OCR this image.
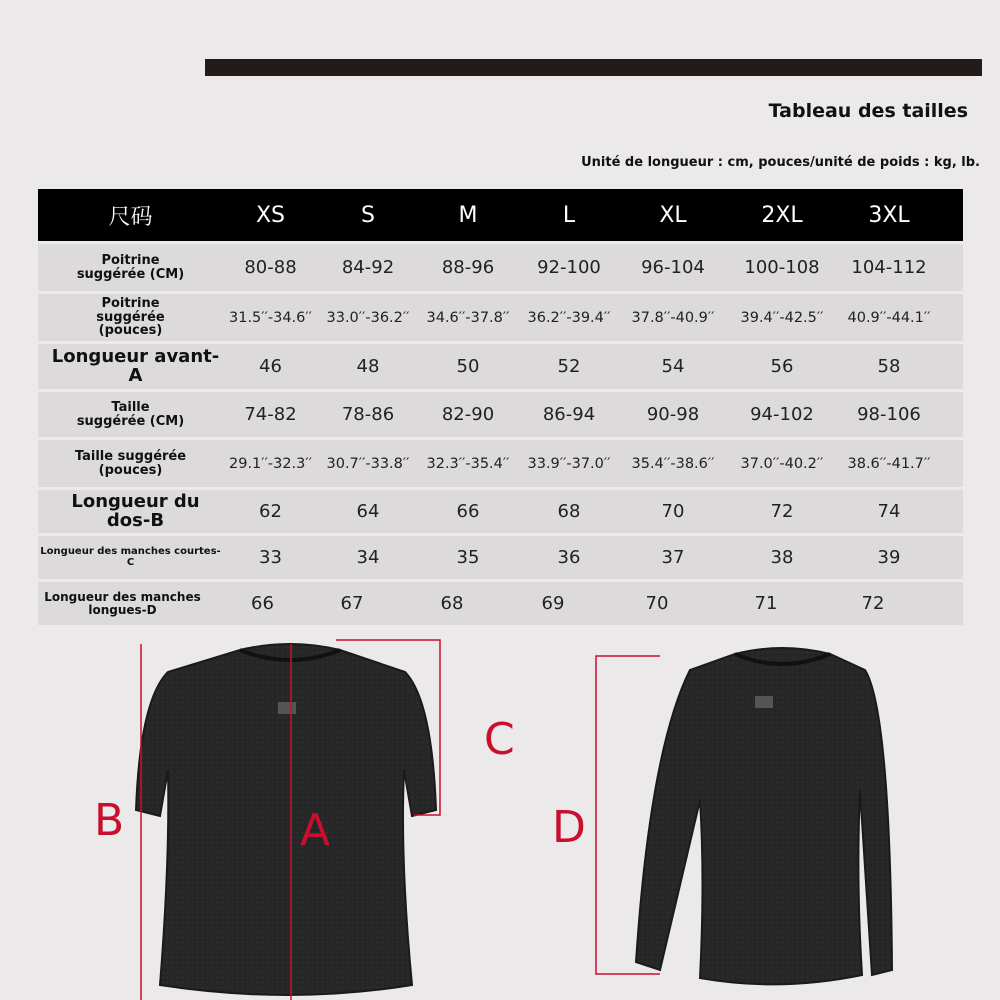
Tableau des tailles
Unité de longueur : cm, pouces/unité de poids : kg, lb.
尺码	XS	S	M	L	XL	2XL	3XL
Poitrine
suggérée (CM)	80-88	84-92	88-96	92-100	96-104	100-108	104-112
Poitrine
suggérée
(pouces)
31.5′′-34.6′′	33.0′′-36.2′′	34.6′′-37.8′′	36.2′′-39.4′′	37.8′′-40.9′′	39.4′′-42.5′′	40.9′′-44.1′′
Longueur avant-A	46	48	50	52	54	56	58
Taille
suggérée (CM)	74-82	78-86	82-90	86-94	90-98	94-102	98-106
Taille suggérée
(pouces)	29.1′′-32.3′′	30.7′′-33.8′′	32.3′′-35.4′′	33.9′′-37.0′′	35.4′′-38.6′′	37.0′′-40.2′′	38.6′′-41.7′′
Longueur du dos-B	62	64	66	68	70	72	74
Longueur des manches courtes-C	33	34	35	36	37	38	39
Longueur des manches longues-D	66	67	68	69	70	71	72
B	A
C
D
